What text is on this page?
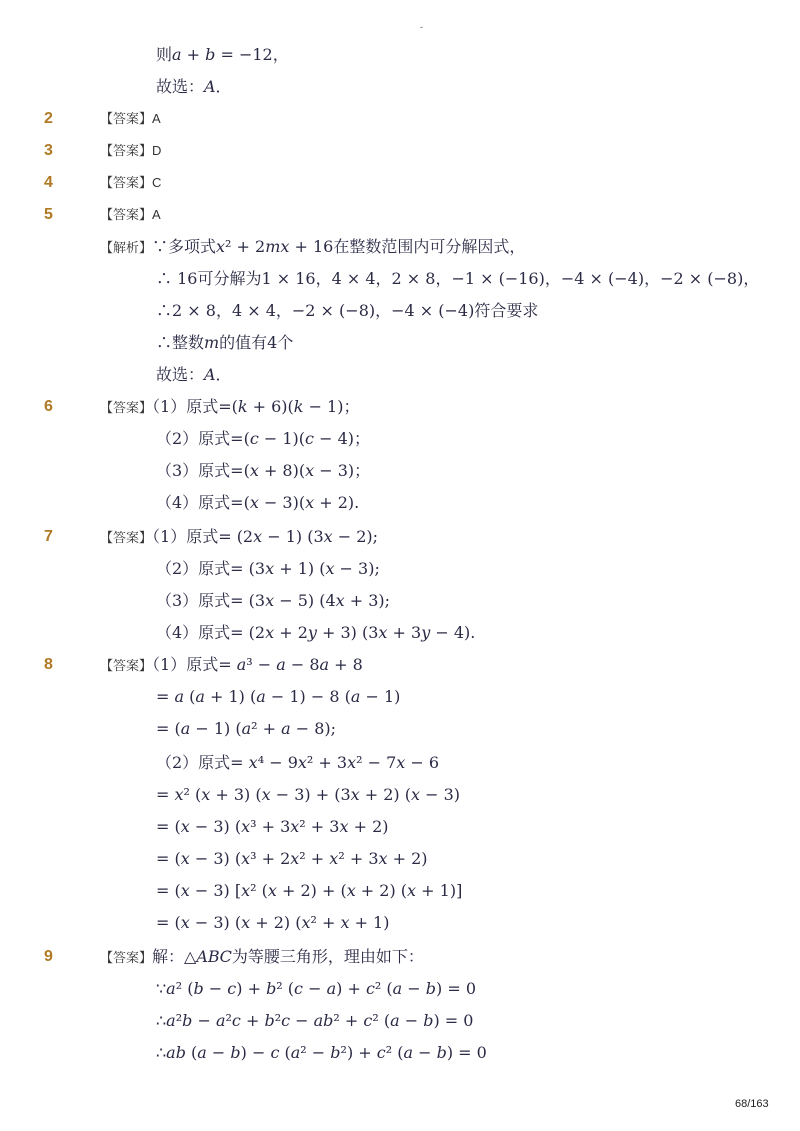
-
则𝑎 + 𝑏 = −12，
故选：𝐴．
2	【答案】A
3	【答案】D
4	【答案】C
5	【答案】A
【解析】∵多项式𝑥² + 2𝑚𝑥 + 16在整数范围内可分解因式，
∴ 16可分解为1 × 16，4 × 4，2 × 8，−1 × (−16)，−4 × (−4)，−2 × (−8)，
∴2 × 8，4 × 4，−2 × (−8)，−4 × (−4)符合要求
∴整数𝑚的值有4个
故选：𝐴．
6	【答案】（1）原式=(𝑘 + 6)(𝑘 − 1)；
（2）原式=(𝑐 − 1)(𝑐 − 4)；
（3）原式=(𝑥 + 8)(𝑥 − 3)；
（4）原式=(𝑥 − 3)(𝑥 + 2).
7	【答案】（1）原式= (2𝑥 − 1) (3𝑥 − 2);
（2）原式= (3𝑥 + 1) (𝑥 − 3);
（3）原式= (3𝑥 − 5) (4𝑥 + 3);
（4）原式= (2𝑥 + 2𝑦 + 3) (3𝑥 + 3𝑦 − 4).
8	【答案】（1）原式= 𝑎³ − 𝑎 − 8𝑎 + 8
= 𝑎 (𝑎 + 1) (𝑎 − 1) − 8 (𝑎 − 1)
= (𝑎 − 1) (𝑎² + 𝑎 − 8);
（2）原式= 𝑥⁴ − 9𝑥² + 3𝑥² − 7𝑥 − 6
= 𝑥² (𝑥 + 3) (𝑥 − 3) + (3𝑥 + 2) (𝑥 − 3)
= (𝑥 − 3) (𝑥³ + 3𝑥² + 3𝑥 + 2)
= (𝑥 − 3) (𝑥³ + 2𝑥² + 𝑥² + 3𝑥 + 2)
= (𝑥 − 3) [𝑥² (𝑥 + 2) + (𝑥 + 2) (𝑥 + 1)]
= (𝑥 − 3) (𝑥 + 2) (𝑥² + 𝑥 + 1)
9	【答案】解：△𝐴𝐵𝐶为等腰三角形，理由如下：
∵𝑎² (𝑏 − 𝑐) + 𝑏² (𝑐 − 𝑎) + 𝑐² (𝑎 − 𝑏) = 0
∴𝑎²𝑏 − 𝑎²𝑐 + 𝑏²𝑐 − 𝑎𝑏² + 𝑐² (𝑎 − 𝑏) = 0
∴𝑎𝑏 (𝑎 − 𝑏) − 𝑐 (𝑎² − 𝑏²) + 𝑐² (𝑎 − 𝑏) = 0
68/163
